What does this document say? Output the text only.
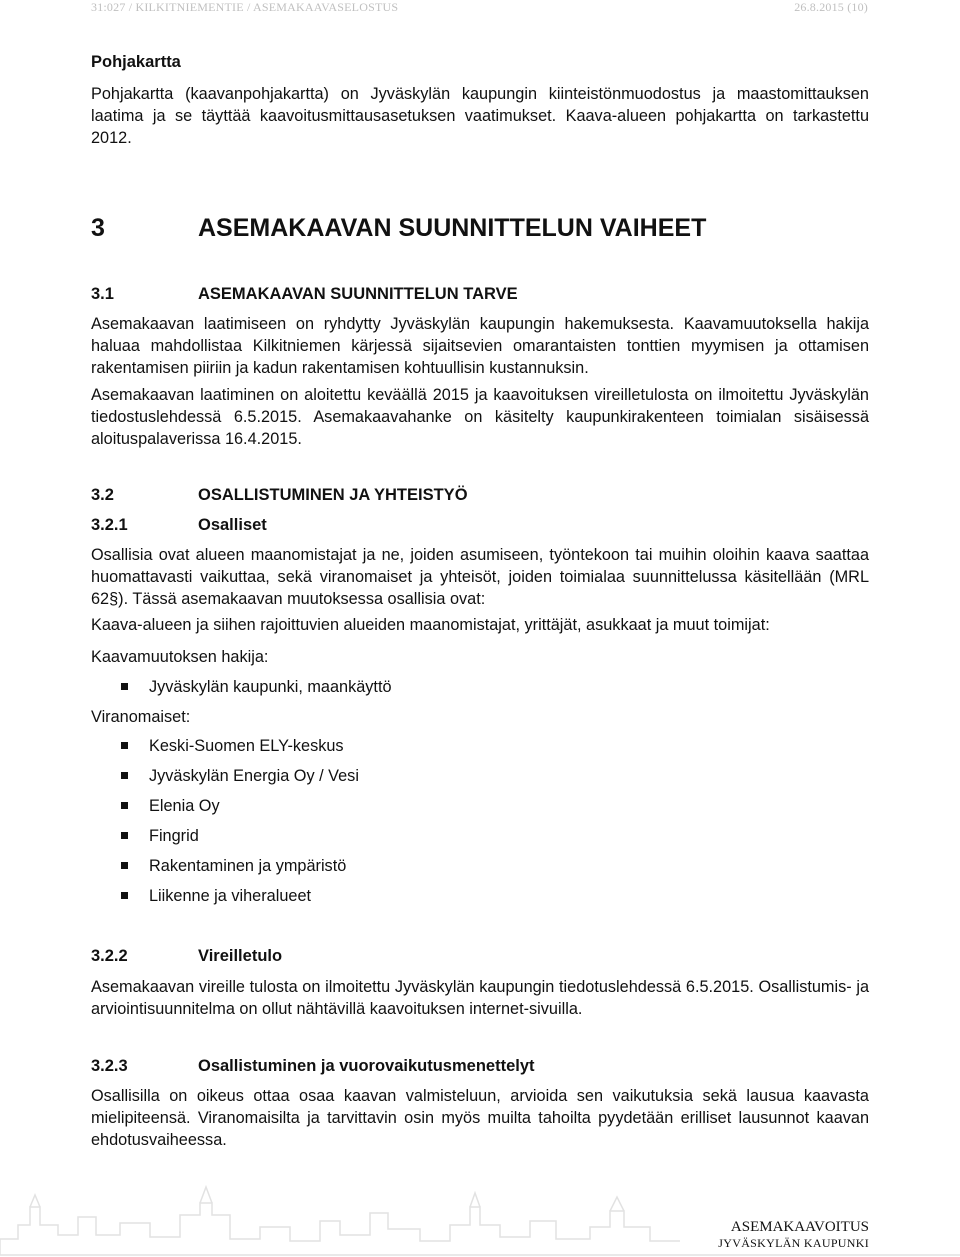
31:027 / KILKITNIEMENTIE / ASEMAKAAVASELOSTUS	26.8.2015 (10)
Pohjakartta

Pohjakartta (kaavanpohjakartta) on Jyväskylän kaupungin kiinteistönmuodostus ja maastomittauksen laatima ja se täyttää kaavoitusmittausasetuksen vaatimukset. Kaava-alueen pohjakartta on tarkastettu 2012.

3	ASEMAKAAVAN SUUNNITTELUN VAIHEET
3.1	ASEMAKAAVAN SUUNNITTELUN TARVE

Asemakaavan laatimiseen on ryhdytty Jyväskylän kaupungin hakemuksesta. Kaavamuutoksella hakija haluaa mahdollistaa Kilkitniemen kärjessä sijaitsevien omarantaisten tonttien myymisen ja ottamisen rakentamisen piiriin ja kadun rakentamisen kohtuullisin kustannuksin.

Asemakaavan laatiminen on aloitettu keväällä 2015 ja kaavoituksen vireilletulosta on ilmoitettu Jyväskylän tiedostuslehdessä 6.5.2015. Asemakaavahanke on käsitelty kaupunkirakenteen toimialan sisäisessä aloituspalaverissa 16.4.2015.

3.2	OSALLISTUMINEN JA YHTEISTYÖ
3.2.1	Osalliset

Osallisia ovat alueen maanomistajat ja ne, joiden asumiseen, työntekoon tai muihin oloihin kaava saattaa huomattavasti vaikuttaa, sekä viranomaiset ja yhteisöt, joiden toimialaa suunnittelussa käsitellään (MRL 62§). Tässä asemakaavan muutoksessa osallisia ovat:

Kaava-alueen ja siihen rajoittuvien alueiden maanomistajat, yrittäjät, asukkaat ja muut toimijat:

Kaavamuutoksen hakija:

Jyväskylän kaupunki, maankäyttö

Viranomaiset:

Keski-Suomen ELY-keskus
Jyväskylän Energia Oy / Vesi
Elenia Oy
Fingrid
Rakentaminen ja ympäristö
Liikenne ja viheralueet
3.2.2	Vireilletulo

Asemakaavan vireille tulosta on ilmoitettu Jyväskylän kaupungin tiedotuslehdessä 6.5.2015. Osallistumis- ja arviointisuunnitelma on ollut nähtävillä kaavoituksen internet-sivuilla.

3.2.3	Osallistuminen ja vuorovaikutusmenettelyt

Osallisilla on oikeus ottaa osaa kaavan valmisteluun, arvioida sen vaikutuksia sekä lausua kaavasta mielipiteensä. Viranomaisilta ja tarvittavin osin myös muilta tahoilta pyydetään erilliset lausunnot kaavan ehdotusvaiheessa.

ASEMAKAAVOITUS
JYVÄSKYLÄN KAUPUNKI
